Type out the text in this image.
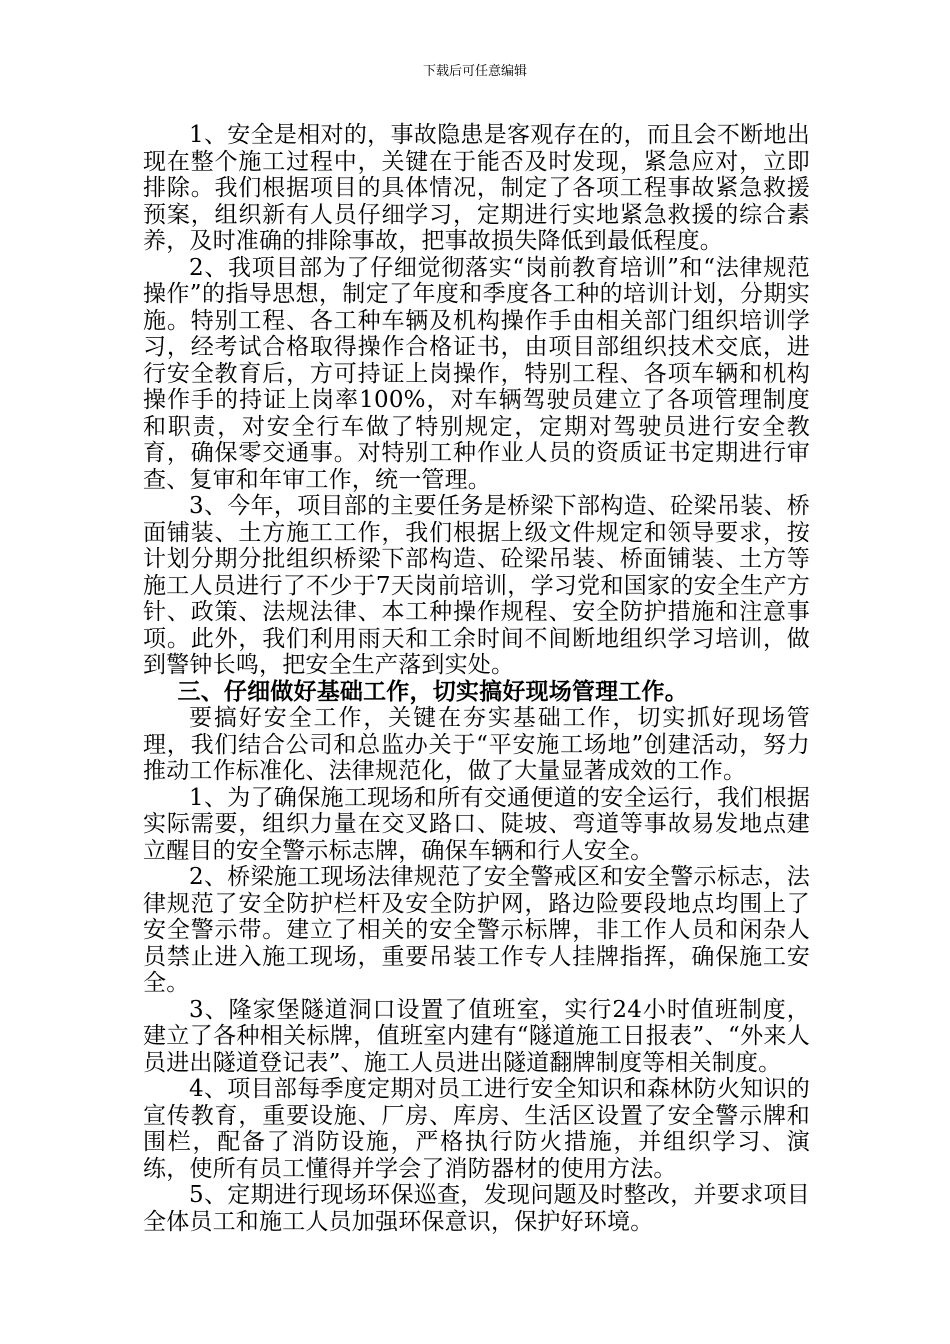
下载后可任意编辑

1、安全是相对的，事故隐患是客观存在的，而且会不断地出现在整个施工过程中，关键在于能否及时发现，紧急应对，立即排除。我们根据项目的具体情况，制定了各项工程事故紧急救援预案，组织新有人员仔细学习，定期进行实地紧急救援的综合素养，及时准确的排除事故，把事故损失降低到最低程度。

2、我项目部为了仔细觉彻落实“岗前教育培训”和“法律规范操作”的指导思想，制定了年度和季度各工种的培训计划，分期实施。特别工程、各工种车辆及机构操作手由相关部门组织培训学习，经考试合格取得操作合格证书，由项目部组织技术交底，进行安全教育后，方可持证上岗操作，特别工程、各项车辆和机构操作手的持证上岗率100%，对车辆驾驶员建立了各项管理制度和职责，对安全行车做了特别规定，定期对驾驶员进行安全教育，确保零交通事。对特别工种作业人员的资质证书定期进行审查、复审和年审工作，统一管理。

3、今年，项目部的主要任务是桥梁下部构造、砼梁吊装、桥面铺装、土方施工工作，我们根据上级文件规定和领导要求，按计划分期分批组织桥梁下部构造、砼梁吊装、桥面铺装、土方等施工人员进行了不少于7天岗前培训，学习党和国家的安全生产方针、政策、法规法律、本工种操作规程、安全防护措施和注意事项。此外，我们利用雨天和工余时间不间断地组织学习培训，做到警钟长鸣，把安全生产落到实处。

三、仔细做好基础工作，切实搞好现场管理工作。

要搞好安全工作，关键在夯实基础工作，切实抓好现场管理，我们结合公司和总监办关于“平安施工场地”创建活动，努力推动工作标准化、法律规范化，做了大量显著成效的工作。

1、为了确保施工现场和所有交通便道的安全运行，我们根据实际需要，组织力量在交叉路口、陡坡、弯道等事故易发地点建立醒目的安全警示标志牌，确保车辆和行人安全。

2、桥梁施工现场法律规范了安全警戒区和安全警示标志，法律规范了安全防护栏杆及安全防护网，路边险要段地点均围上了安全警示带。建立了相关的安全警示标牌，非工作人员和闲杂人员禁止进入施工现场，重要吊装工作专人挂牌指挥，确保施工安全。

3、隆家堡隧道洞口设置了值班室，实行24小时值班制度，建立了各种相关标牌，值班室内建有“隧道施工日报表”、“外来人员进出隧道登记表”、施工人员进出隧道翻牌制度等相关制度。

4、项目部每季度定期对员工进行安全知识和森林防火知识的宣传教育，重要设施、厂房、库房、生活区设置了安全警示牌和围栏，配备了消防设施，严格执行防火措施，并组织学习、演练，使所有员工懂得并学会了消防器材的使用方法。

5、定期进行现场环保巡查，发现问题及时整改，并要求项目全体员工和施工人员加强环保意识，保护好环境。
